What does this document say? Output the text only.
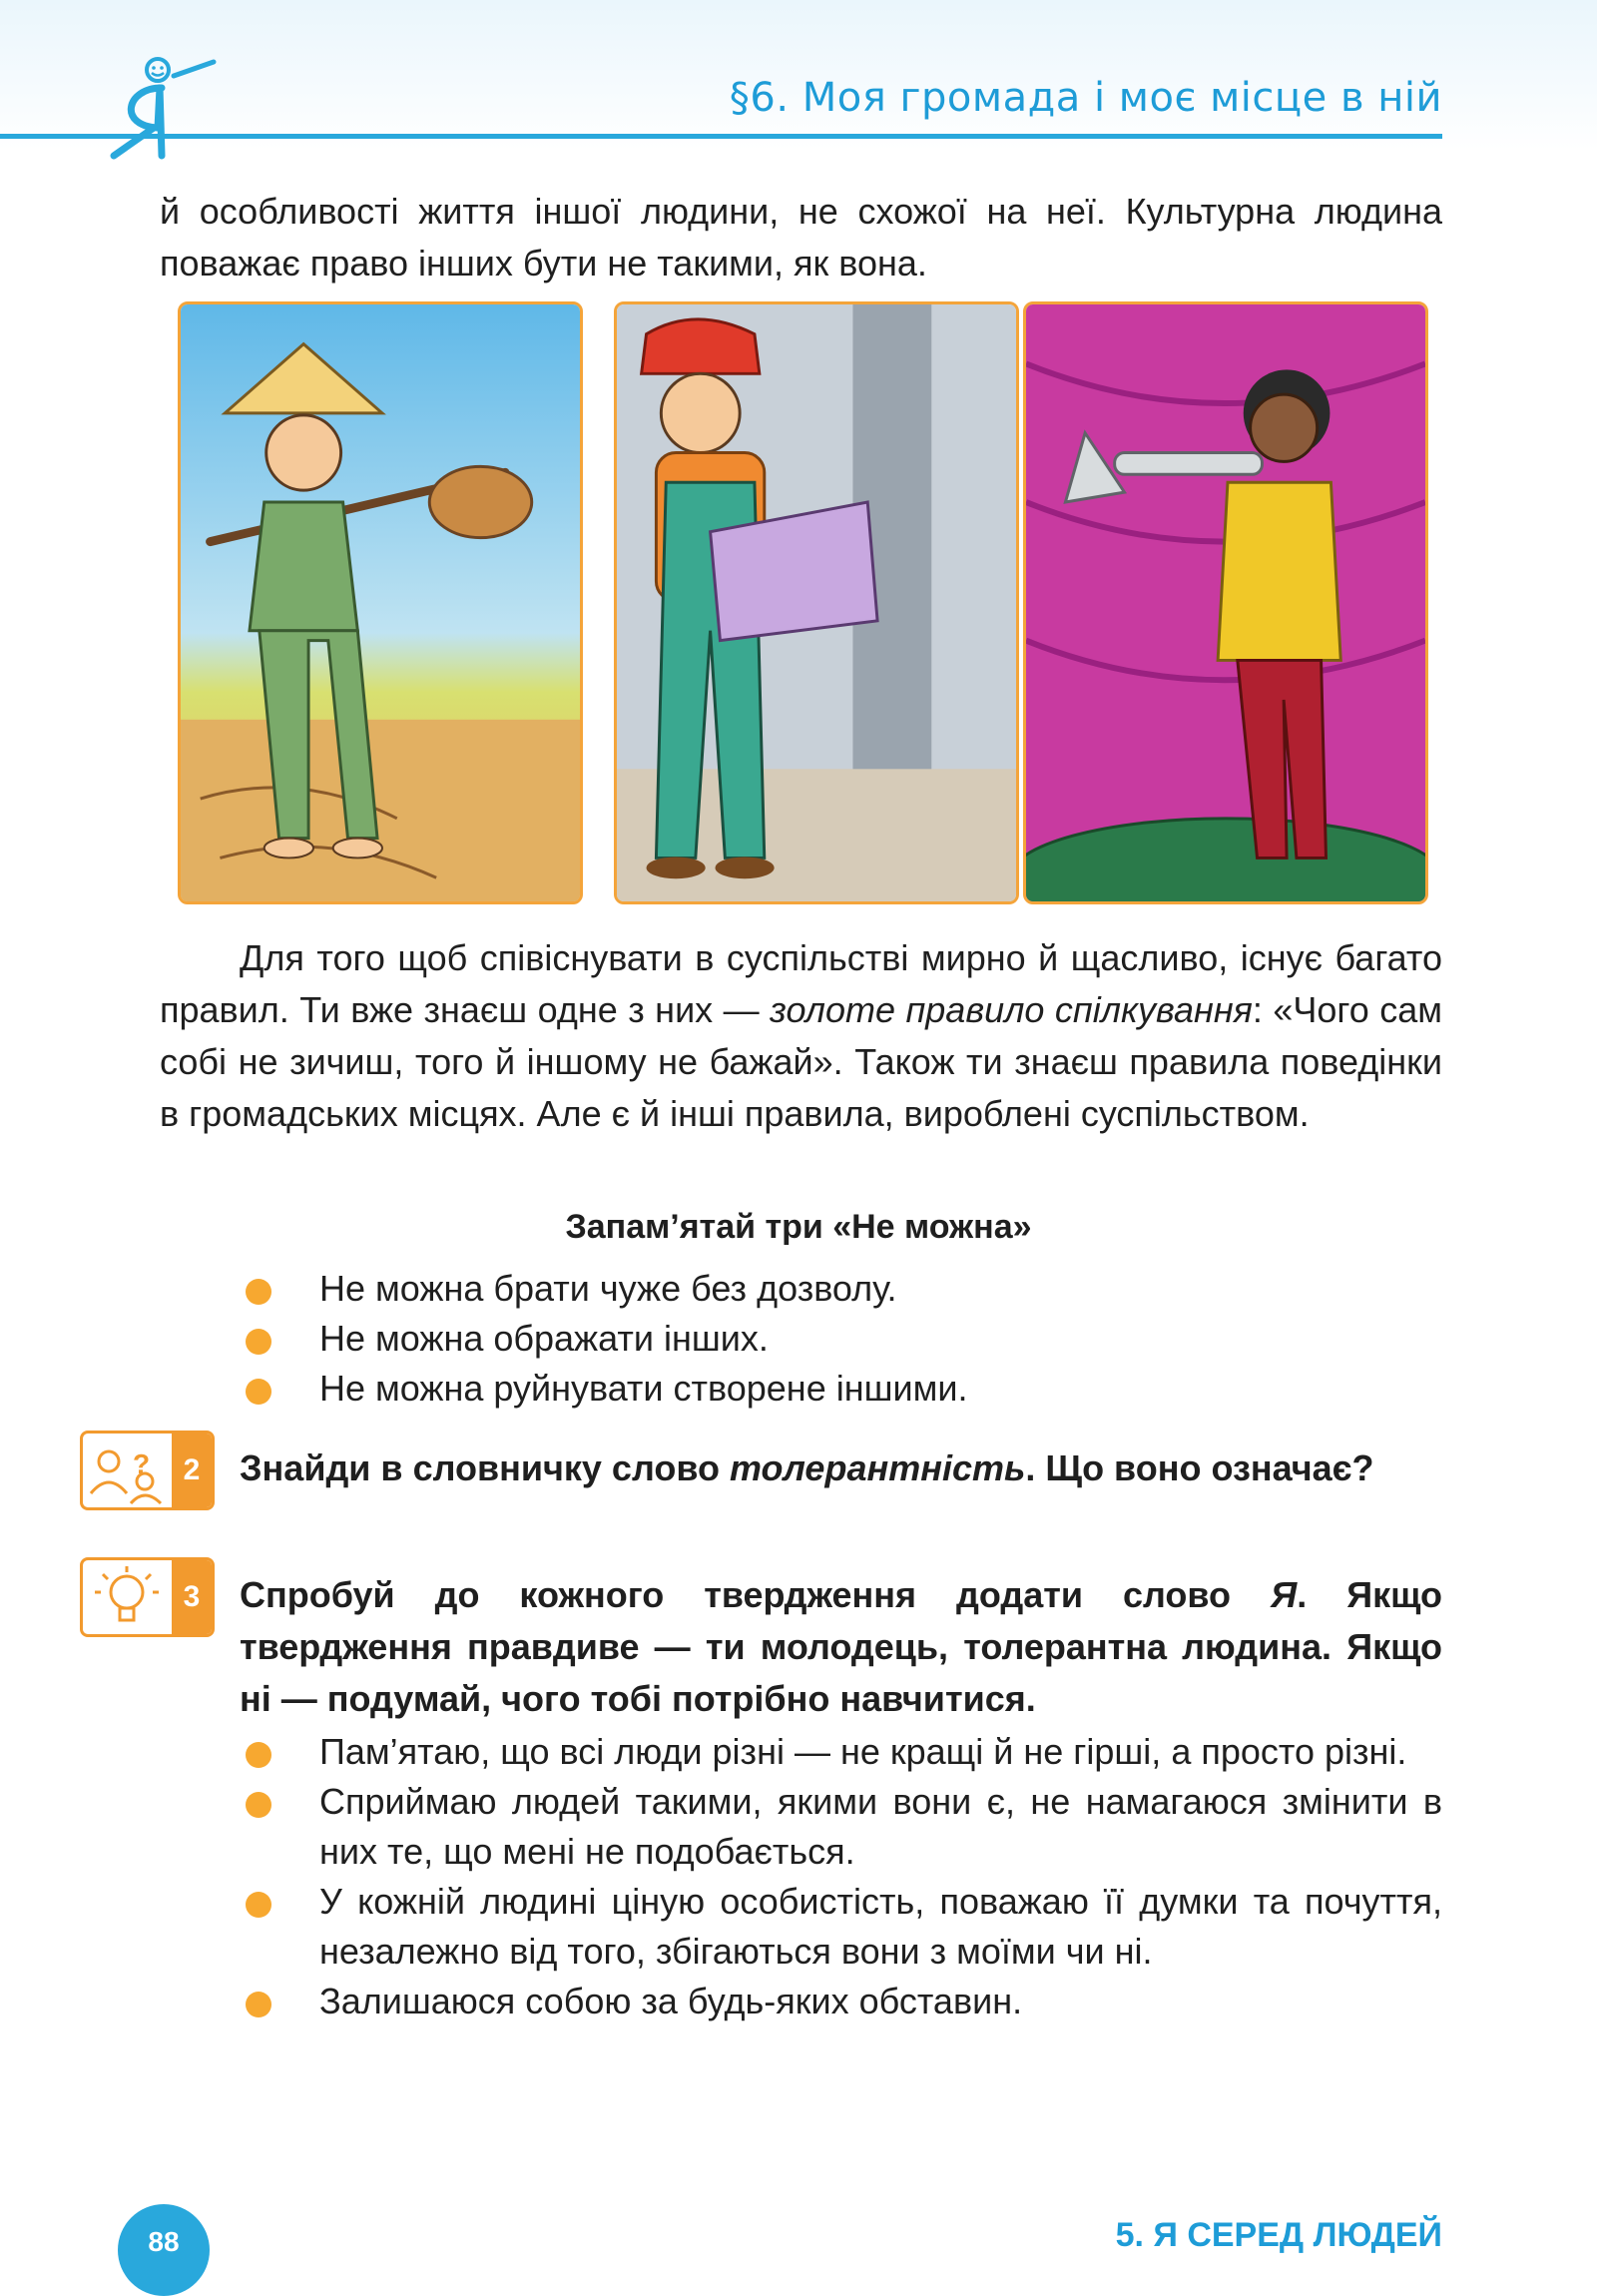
§6. Моя громада і моє місце в ній
й особливості життя іншої людини, не схожої на неї. Культурна людина поважає право інших бути не такими, як вона.
Для того щоб співіснувати в суспільстві мирно й щасливо, існує багато правил. Ти вже знаєш одне з них — золоте правило спілкування: «Чого сам собі не зичиш, того й іншому не бажай». Також ти знаєш правила поведінки в громадських місцях. Але є й інші правила, вироблені суспільством.
Запам’ятай три «Не можна»
Не можна брати чуже без дозволу.
Не можна ображати інших.
Не можна руйнувати створене іншими.
?	2	Знайди в словничку слово толерантність. Що воно означає?
3	Спробуй до кожного твердження додати слово Я. Якщо твердження правдиве — ти молодець, толерантна людина. Якщо ні — подумай, чого тобі потрібно навчитися.
Пам’ятаю, що всі люди різні — не кращі й не гірші, а просто різні.
Сприймаю людей такими, якими вони є, не намагаюся змінити в них те, що мені не подобається.
У кожній людині ціную особистість, поважаю її думки та почуття, незалежно від того, збігаються вони з моїми чи ні.
Залишаюся собою за будь-яких обставин.
88	5. Я СЕРЕД ЛЮДЕЙ
